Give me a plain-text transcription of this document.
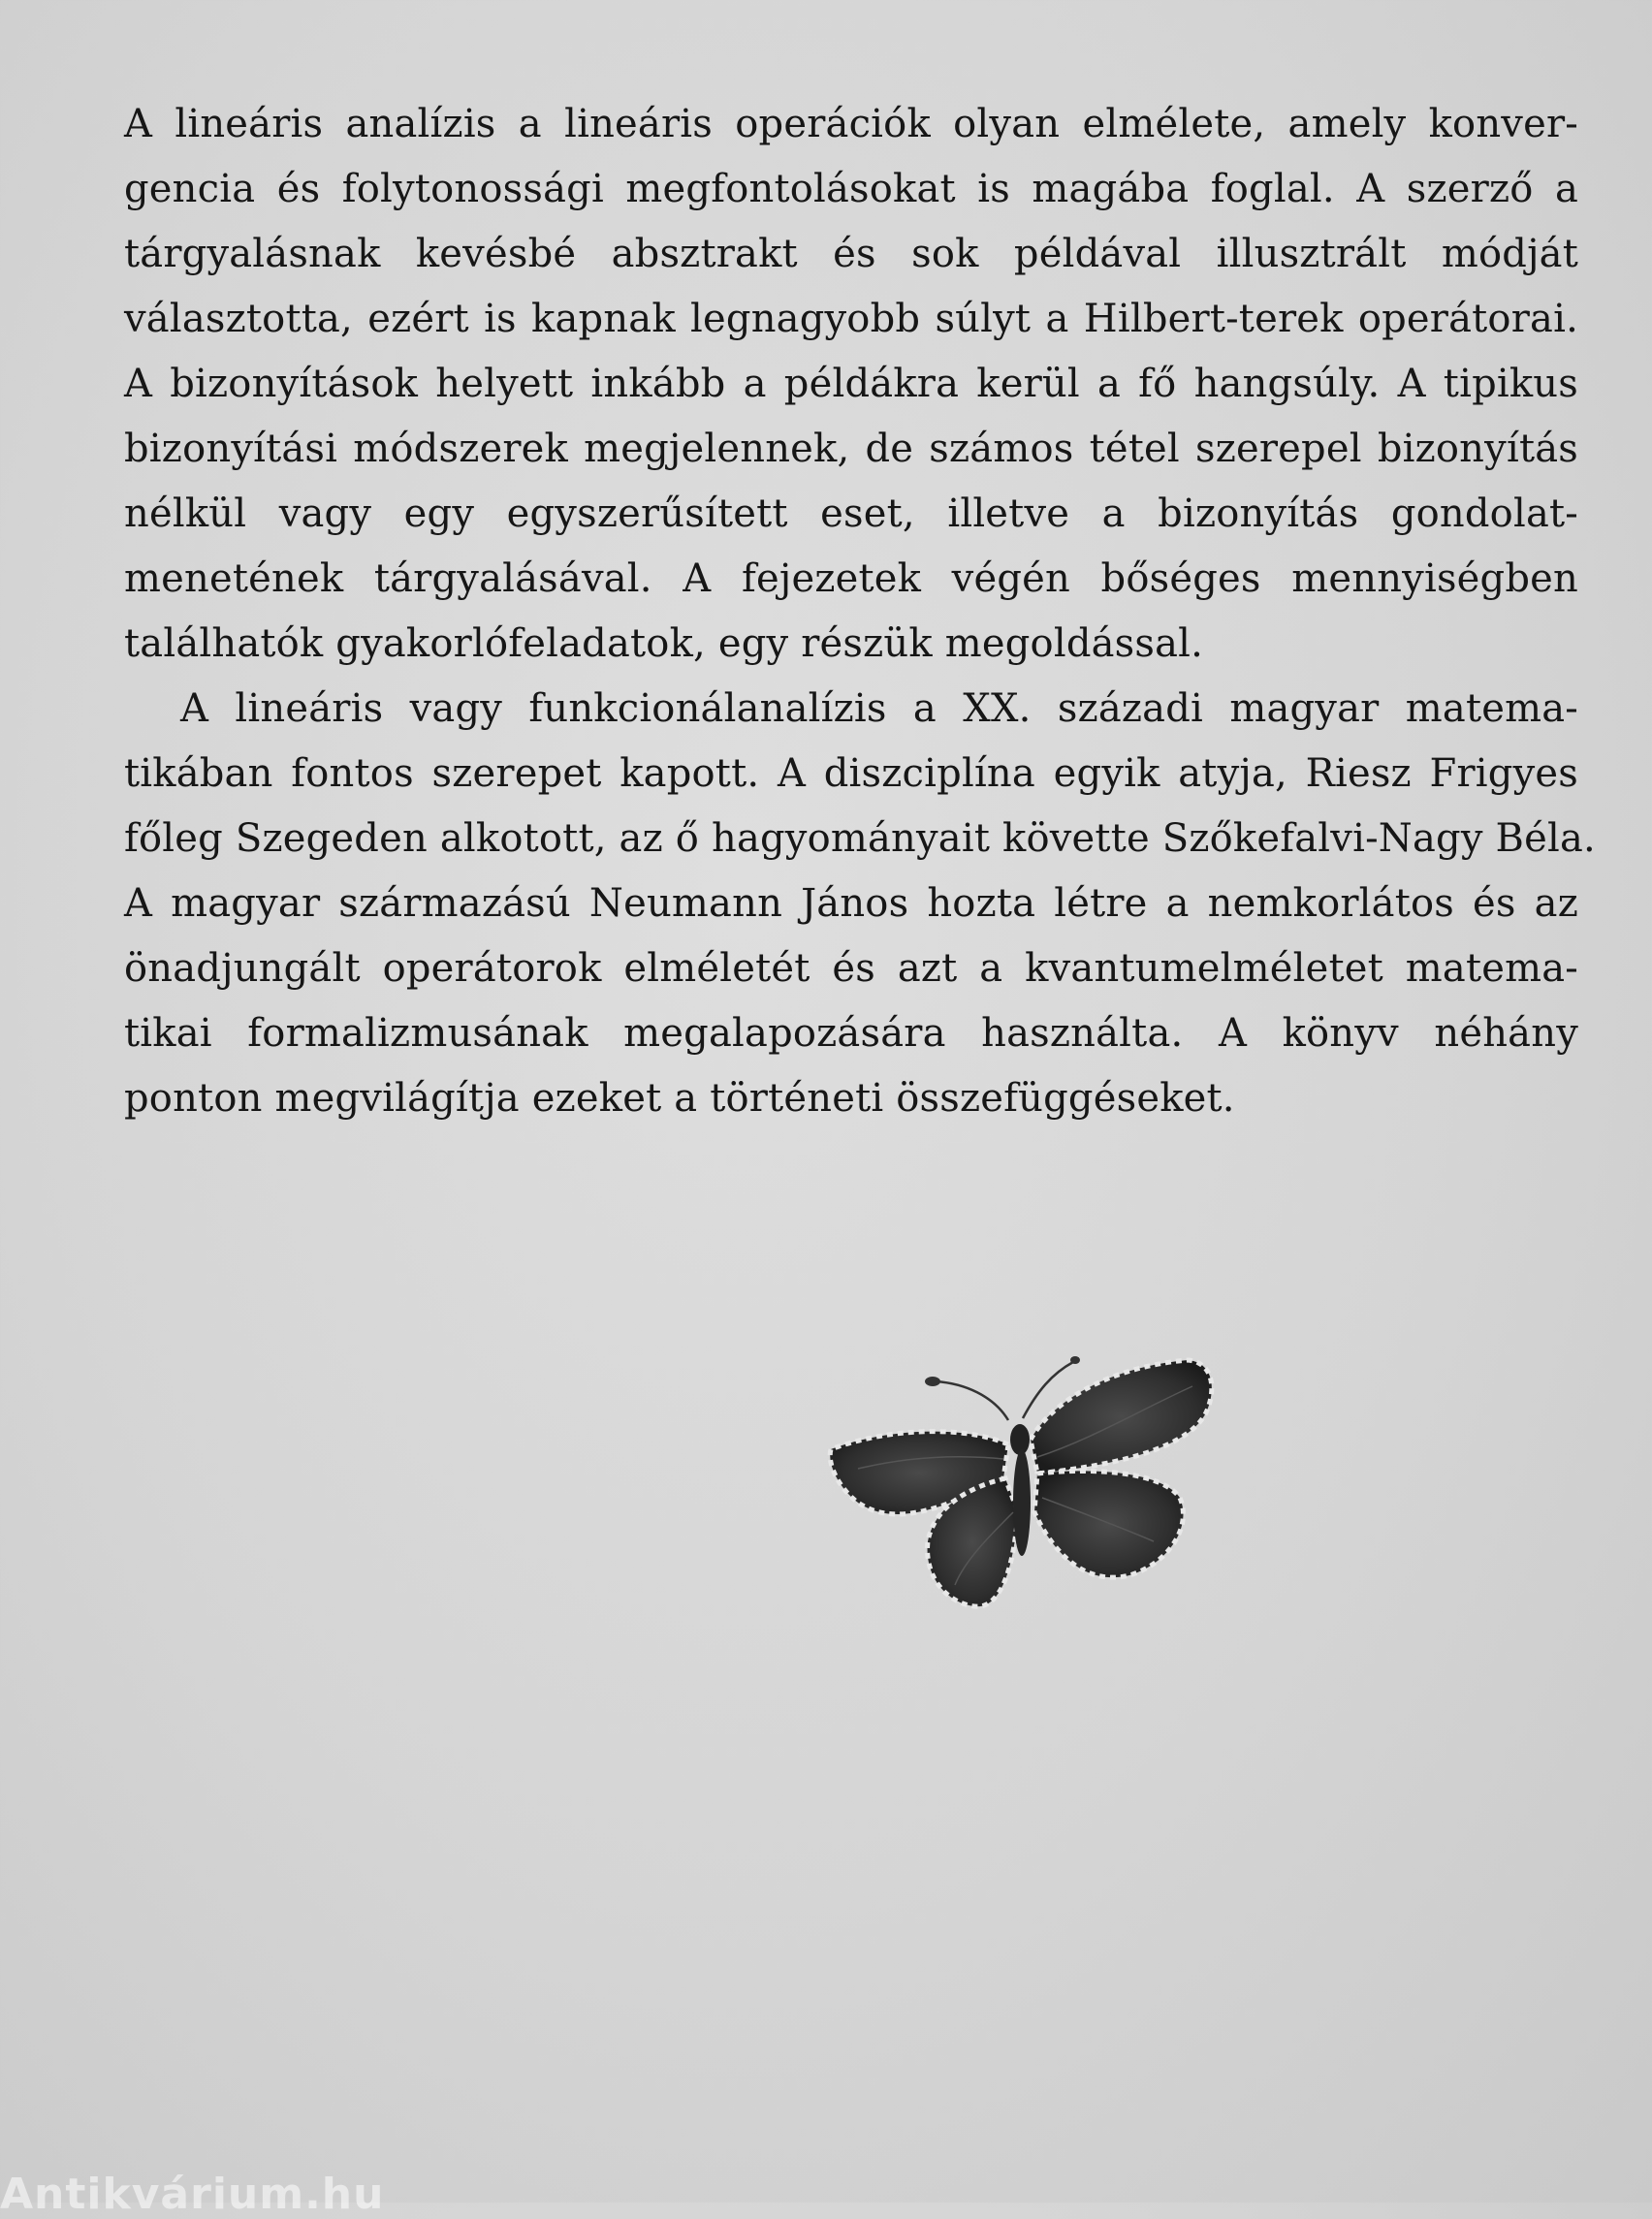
A lineáris analízis a lineáris operációk olyan elmélete, amely konver-
gencia és folytonossági megfontolásokat is magába foglal. A szerző a
tárgyalásnak kevésbé absztrakt és sok példával illusztrált módját
választotta, ezért is kapnak legnagyobb súlyt a Hilbert-terek operátorai.
A bizonyítások helyett inkább a példákra kerül a fő hangsúly. A tipikus
bizonyítási módszerek megjelennek, de számos tétel szerepel bizonyítás
nélkül vagy egy egyszerűsített eset, illetve a bizonyítás gondolat-
menetének tárgyalásával. A fejezetek végén bőséges mennyiségben
találhatók gyakorlófeladatok, egy részük megoldással.
A lineáris vagy funkcionálanalízis a XX. századi magyar matema-
tikában fontos szerepet kapott. A diszciplína egyik atyja, Riesz Frigyes
főleg Szegeden alkotott, az ő hagyományait követte Szőkefalvi-Nagy Béla.
A magyar származású Neumann János hozta létre a nemkorlátos és az
önadjungált operátorok elméletét és azt a kvantumelméletet matema-
tikai formalizmusának megalapozására használta. A könyv néhány
ponton megvilágítja ezeket a történeti összefüggéseket.
Antikvárium.hu
